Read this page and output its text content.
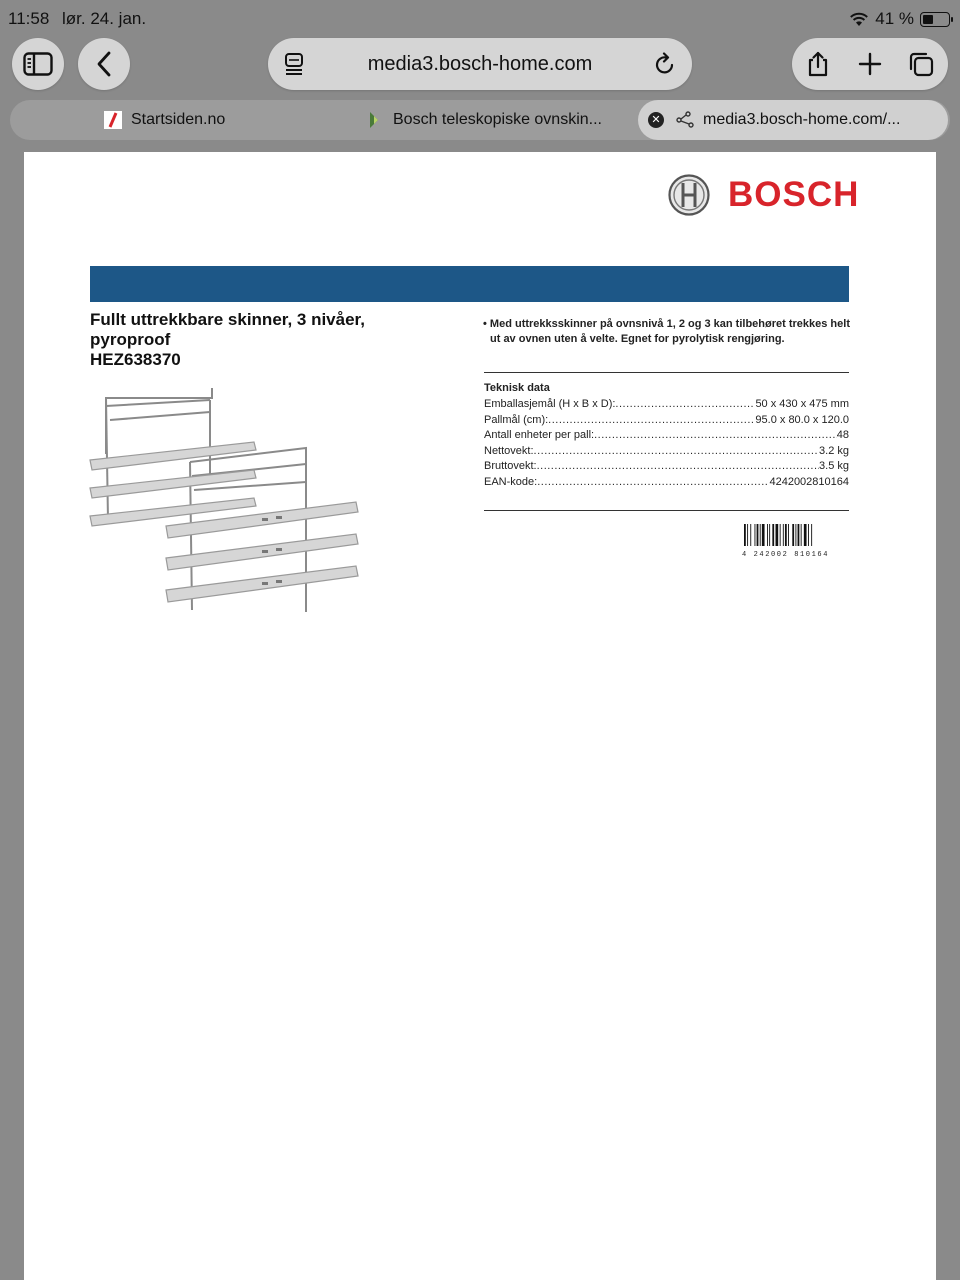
11:58 lør. 24. jan.	41 %
media3.bosch-home.com
Startsiden.no	Bosch teleskopiske ovnskin...	✕	media3.bosch-home.com/...
BOSCH
Fullt uttrekkbare skinner, 3 nivåer,
pyroproof
HEZ638370
• Med uttrekksskinner på ovnsnivå 1, 2 og 3 kan tilbehøret trekkes helt ut av ovnen uten å velte. Egnet for pyrolytisk rengjøring.
Teknisk data
Emballasjemål (H x B x D): .....	50 x 430 x 475 mm
Pallmål (cm): .....	95.0 x 80.0 x 120.0
Antall enheter per pall: .....	48
Nettovekt: .....	3.2 kg
Bruttovekt: .....	3.5 kg
EAN-kode: .....	4242002810164
4 242002 810164
